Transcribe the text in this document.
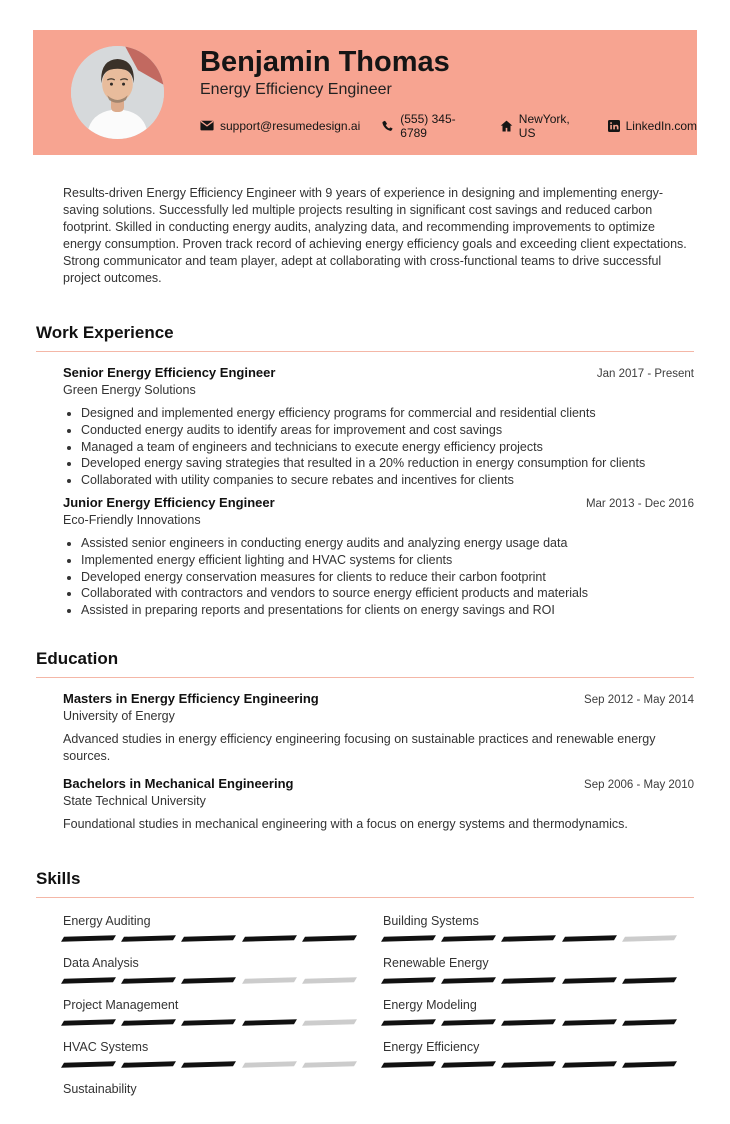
Benjamin Thomas
Energy Efficiency Engineer
support@resumedesign.ai	(555) 345-6789
NewYork, US	LinkedIn.com

Results-driven Energy Efficiency Engineer with 9 years of experience in designing and implementing energy-saving solutions. Successfully led multiple projects resulting in significant cost savings and reduced carbon footprint. Skilled in conducting energy audits, analyzing data, and recommending improvements to optimize energy consumption. Proven track record of achieving energy efficiency goals and exceeding client expectations. Strong communicator and team player, adept at collaborating with cross-functional teams to drive successful project outcomes.

Work Experience
Senior Energy Efficiency Engineer	Jan 2017 - Present
Green Energy Solutions
• Designed and implemented energy efficiency programs for commercial and residential clients
• Conducted energy audits to identify areas for improvement and cost savings
• Managed a team of engineers and technicians to execute energy efficiency projects
• Developed energy saving strategies that resulted in a 20% reduction in energy consumption for clients
• Collaborated with utility companies to secure rebates and incentives for clients
Junior Energy Efficiency Engineer	Mar 2013 - Dec 2016
Eco-Friendly Innovations
• Assisted senior engineers in conducting energy audits and analyzing energy usage data
• Implemented energy efficient lighting and HVAC systems for clients
• Developed energy conservation measures for clients to reduce their carbon footprint
• Collaborated with contractors and vendors to source energy efficient products and materials
• Assisted in preparing reports and presentations for clients on energy savings and ROI
Education
Masters in Energy Efficiency Engineering	Sep 2012 - May 2014
University of Energy
Advanced studies in energy efficiency engineering focusing on sustainable practices and renewable energy sources.
Bachelors in Mechanical Engineering	Sep 2006 - May 2010
State Technical University
Foundational studies in mechanical engineering with a focus on energy systems and thermodynamics.
Skills
Energy Auditing
Data Analysis
Project Management
HVAC Systems
Sustainability
Building Systems
Renewable Energy
Energy Modeling
Energy Efficiency
